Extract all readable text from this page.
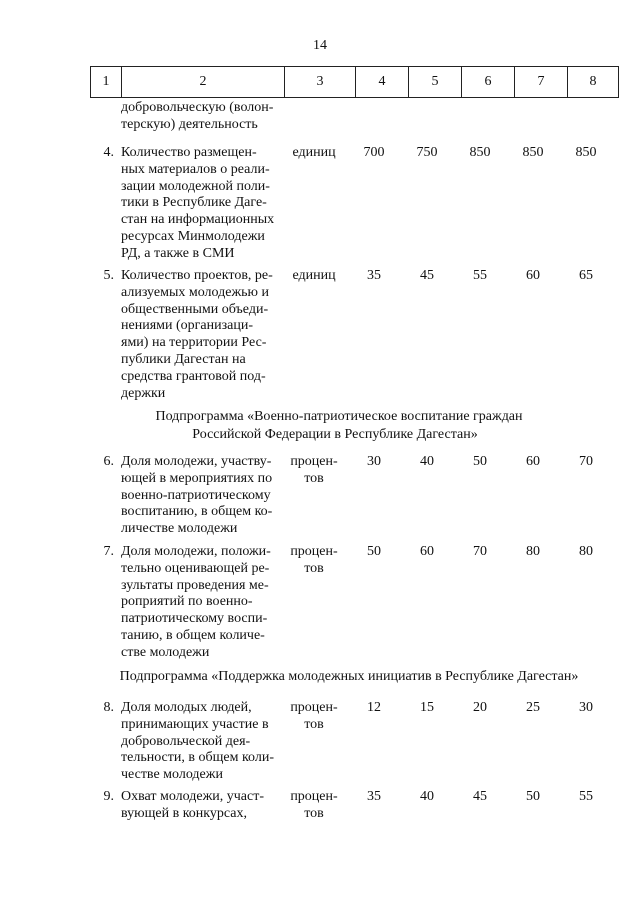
14
1	2	3	4	5	6	7	8
добровольческую (волон-
терскую) деятельность
4. Количество размещен-
ных материалов о реали-
зации молодежной поли-
тики в Республике Даге-
стан на информационных
ресурсах Минмолодежи
РД, а также в СМИ
единиц	700	750	850	850	850
5. Количество проектов, ре-
ализуемых молодежью и
общественными объеди-
нениями (организаци-
ями) на территории Рес-
публики Дагестан на
средства грантовой под-
держки
единиц	35	45	55	60	65
Подпрограмма «Военно-патриотическое воспитание граждан
Российской Федерации в Республике Дагестан»
6. Доля молодежи, участву-
ющей в мероприятиях по
военно-патриотическому
воспитанию, в общем ко-
личестве молодежи
процен-
тов
30	40	50	60	70
7. Доля молодежи, положи-
тельно оценивающей ре-
зультаты проведения ме-
роприятий по военно-
патриотическому воспи-
танию, в общем количе-
стве молодежи
процен-
тов
50	60	70	80	80
Подпрограмма «Поддержка молодежных инициатив в Республике Дагестан»
8. Доля молодых людей,
принимающих участие в
добровольческой дея-
тельности, в общем коли-
честве молодежи
процен-
тов
12	15	20	25	30
9. Охват молодежи, участ-
вующей в конкурсах,
процен-
тов
35	40	45	50	55
